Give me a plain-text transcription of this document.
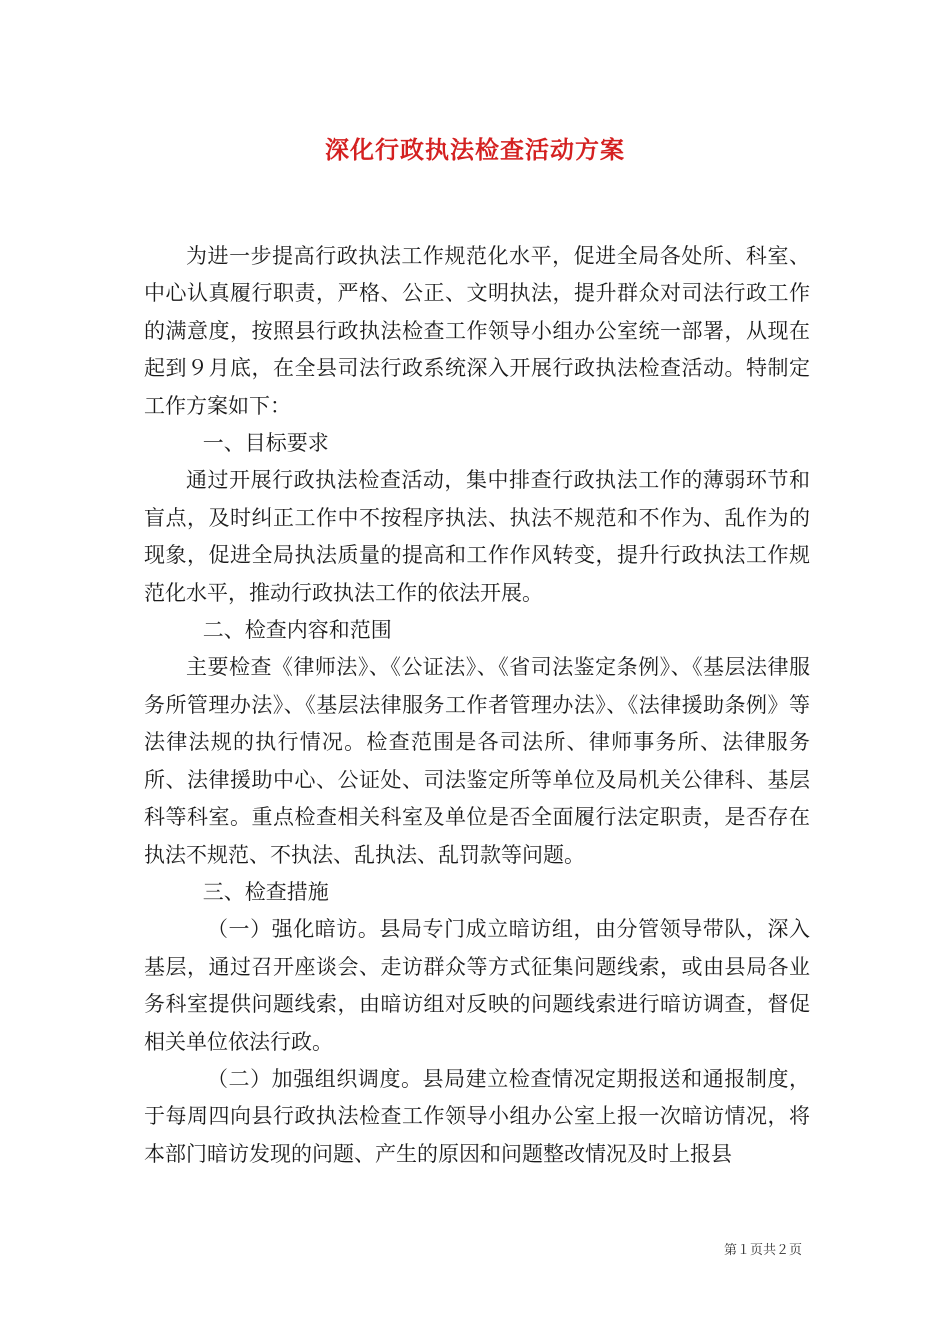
深化行政执法检查活动方案

为进一步提高行政执法工作规范化水平，促进全局各处所、科室、中心认真履行职责，严格、公正、文明执法，提升群众对司法行政工作的满意度，按照县行政执法检查工作领导小组办公室统一部署，从现在起到９月底，在全县司法行政系统深入开展行政执法检查活动。特制定工作方案如下：

一、目标要求

通过开展行政执法检查活动，集中排查行政执法工作的薄弱环节和盲点，及时纠正工作中不按程序执法、执法不规范和不作为、乱作为的现象，促进全局执法质量的提高和工作作风转变，提升行政执法工作规范化水平，推动行政执法工作的依法开展。

二、检查内容和范围

主要检查《律师法》、《公证法》、《省司法鉴定条例》、《基层法律服务所管理办法》、《基层法律服务工作者管理办法》、《法律援助条例》等法律法规的执行情况。检查范围是各司法所、律师事务所、法律服务所、法律援助中心、公证处、司法鉴定所等单位及局机关公律科、基层科等科室。重点检查相关科室及单位是否全面履行法定职责，是否存在执法不规范、不执法、乱执法、乱罚款等问题。

三、检查措施

（一）强化暗访。县局专门成立暗访组，由分管领导带队，深入基层，通过召开座谈会、走访群众等方式征集问题线索，或由县局各业务科室提供问题线索，由暗访组对反映的问题线索进行暗访调查，督促相关单位依法行政。

（二）加强组织调度。县局建立检查情况定期报送和通报制度，于每周四向县行政执法检查工作领导小组办公室上报一次暗访情况，将本部门暗访发现的问题、产生的原因和问题整改情况及时上报县

第１页共２页
